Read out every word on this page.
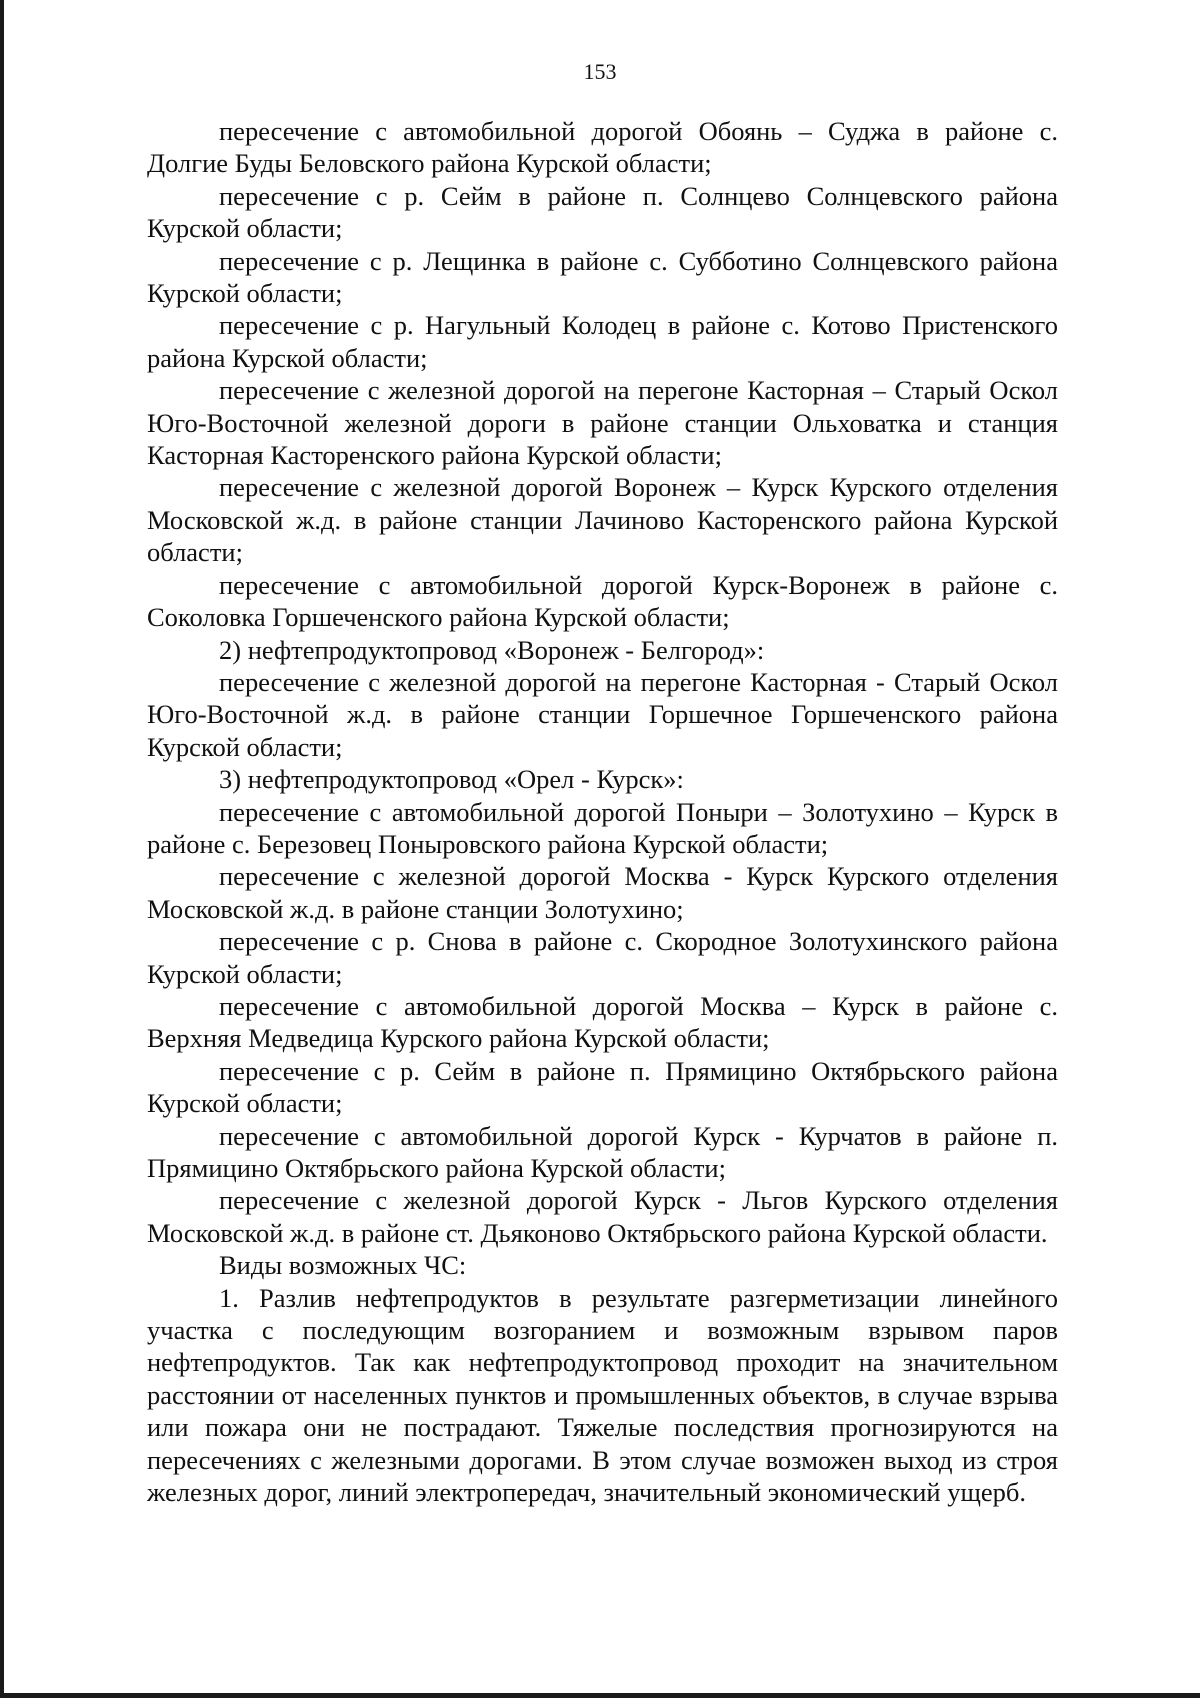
153

пересечение с автомобильной дорогой Обоянь – Суджа в районе с. Долгие Буды Беловского района Курской области;

пересечение с р. Сейм в районе п. Солнцево Солнцевского района Курской области;

пересечение с р. Лещинка в районе с. Субботино Солнцевского района Курской области;

пересечение с р. Нагульный Колодец в районе с. Котово Пристенского района Курской области;

пересечение с железной дорогой на перегоне Касторная – Старый Оскол Юго-Восточной железной дороги в районе станции Ольховатка и станция Касторная Касторенского района Курской области;

пересечение с железной дорогой Воронеж – Курск Курского отделения Московской ж.д. в районе станции Лачиново Касторенского района Курской области;

пересечение с автомобильной дорогой Курск-Воронеж в районе с. Соколовка Горшеченского района Курской области;

2) нефтепродуктопровод «Воронеж - Белгород»:

пересечение с железной дорогой на перегоне Касторная - Старый Оскол Юго-Восточной ж.д. в районе станции Горшечное Горшеченского района Курской области;

3) нефтепродуктопровод «Орел - Курск»:

пересечение с автомобильной дорогой Поныри – Золотухино – Курск в районе с. Березовец Поныровского района Курской области;

пересечение с железной дорогой Москва - Курск Курского отделения Московской ж.д. в районе станции Золотухино;

пересечение с р. Снова в районе с. Скородное Золотухинского района Курской области;

пересечение с автомобильной дорогой Москва – Курск в районе с. Верхняя Медведица Курского района Курской области;

пересечение с р. Сейм в районе п. Прямицино Октябрьского района Курской области;

пересечение с автомобильной дорогой Курск - Курчатов в районе п. Прямицино Октябрьского района Курской области;

пересечение с железной дорогой Курск - Льгов Курского отделения Московской ж.д. в районе ст. Дьяконово Октябрьского района Курской области.

Виды возможных ЧС:

1. Разлив нефтепродуктов в результате разгерметизации линейного участка с последующим возгоранием и возможным взрывом паров нефтепродуктов. Так как нефтепродуктопровод проходит на значительном расстоянии от населенных пунктов и промышленных объектов, в случае взрыва или пожара они не пострадают. Тяжелые последствия прогнозируются на пересечениях с железными дорогами. В этом случае возможен выход из строя железных дорог, линий электропередач, значительный экономический ущерб.
